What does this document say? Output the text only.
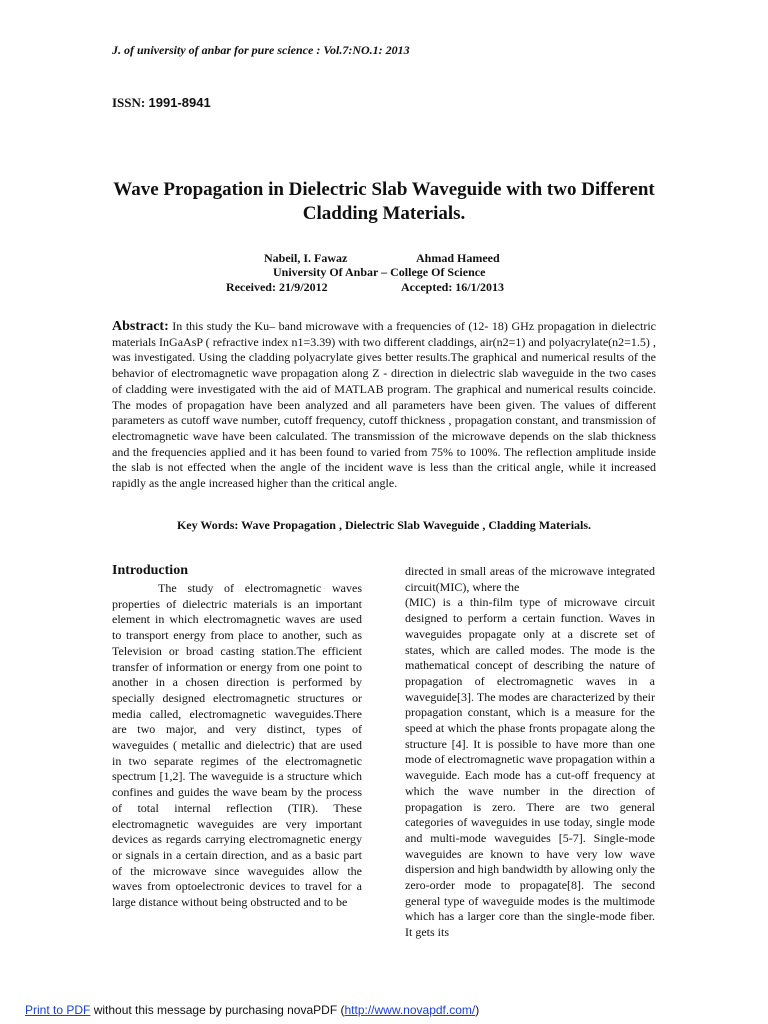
J. of university of anbar for pure science : Vol.7:NO.1: 2013
ISSN: 1991-8941
Wave Propagation in Dielectric Slab Waveguide with two Different Cladding Materials.
Nabeil, I. Fawaz	Ahmad Hameed
University Of Anbar – College Of Science
Received: 21/9/2012	Accepted: 16/1/2013
Abstract: In this study the Ku– band microwave with a frequencies of (12- 18) GHz propagation in dielectric materials InGaAsP ( refractive index n1=3.39) with two different claddings, air(n2=1) and polyacrylate(n2=1.5) , was investigated. Using the cladding polyacrylate gives better results.The graphical and numerical results of the behavior of electromagnetic wave propagation along Z - direction in dielectric slab waveguide in the two cases of cladding were investigated with the aid of MATLAB program. The graphical and numerical results coincide. The modes of propagation have been analyzed and all parameters have been given. The values of different parameters as cutoff wave number, cutoff frequency, cutoff thickness , propagation constant, and transmission of electromagnetic wave have been calculated. The transmission of the microwave depends on the slab thickness and the frequencies applied and it has been found to varied from 75% to 100%. The reflection amplitude inside the slab is not effected when the angle of the incident wave is less than the critical angle, while it increased rapidly as the angle increased higher than the critical angle.
Key Words: Wave Propagation , Dielectric Slab Waveguide , Cladding Materials.
Introduction
The study of electromagnetic waves properties of dielectric materials is an important element in which electromagnetic waves are used to transport energy from place to another, such as Television or broad casting station.The efficient transfer of information or energy from one point to another in a chosen direction is performed by specially designed electromagnetic structures or media called, electromagnetic waveguides.There are two major, and very distinct, types of waveguides ( metallic and dielectric) that are used in two separate regimes of the electromagnetic spectrum [1,2]. The waveguide is a structure which confines and guides the wave beam by the process of total internal reflection (TIR). These electromagnetic waveguides are very important devices as regards carrying electromagnetic energy or signals in a certain direction, and as a basic part of the microwave since waveguides allow the waves from optoelectronic devices to travel for a large distance without being obstructed and to be
directed in small areas of the microwave integrated circuit(MIC), where the
(MIC) is a thin-film type of microwave circuit designed to perform a certain function. Waves in waveguides propagate only at a discrete set of states, which are called modes. The mode is the mathematical concept of describing the nature of propagation of electromagnetic waves in a waveguide[3]. The modes are characterized by their propagation constant, which is a measure for the speed at which the phase fronts propagate along the structure [4]. It is possible to have more than one mode of electromagnetic wave propagation within a waveguide. Each mode has a cut-off frequency at which the wave number in the direction of propagation is zero. There are two general categories of waveguides in use today, single mode and multi-mode waveguides [5-7]. Single-mode waveguides are known to have very low wave dispersion and high bandwidth by allowing only the zero-order mode to propagate[8]. The second general type of waveguide modes is the multimode which has a larger core than the single-mode fiber. It gets its
Print to PDF without this message by purchasing novaPDF (http://www.novapdf.com/)
